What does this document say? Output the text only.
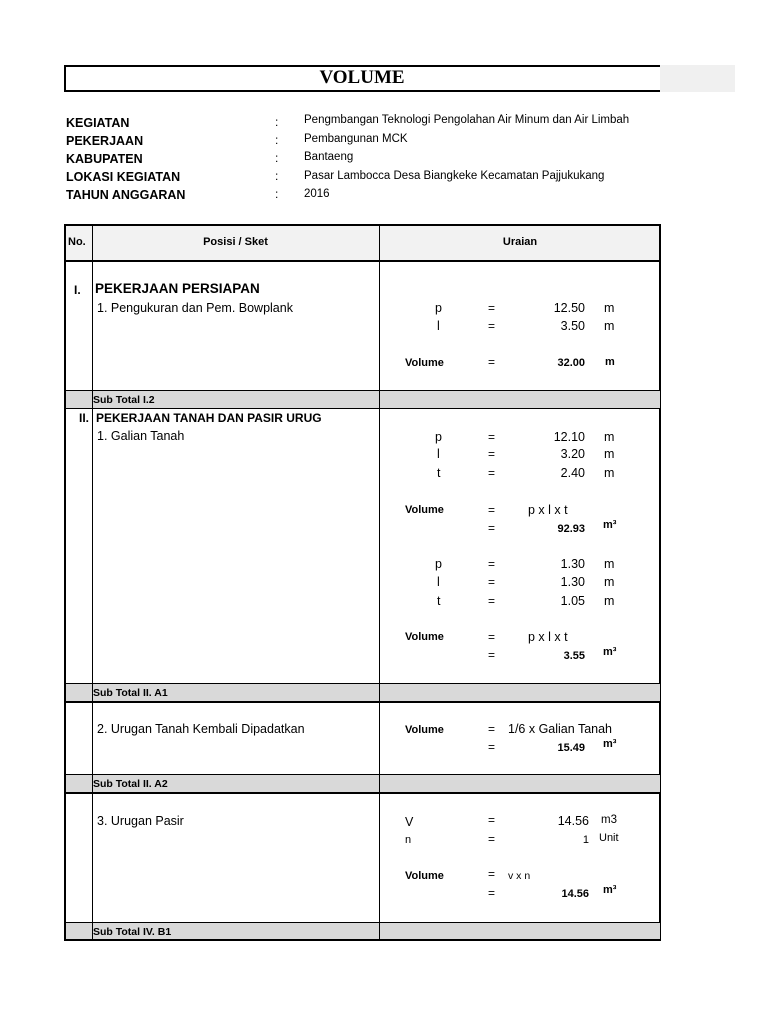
VOLUME
KEGIATAN	: Pengmbangan Teknologi Pengolahan Air Minum dan Air Limbah
PEKERJAAN	: Pembangunan MCK
KABUPATEN	: Bantaeng
LOKASI KEGIATAN	: Pasar Lambocca Desa Biangkeke Kecamatan Pajjukukang
TAHUN ANGGARAN	: 2016
No.	Posisi / Sket	Uraian
I. PEKERJAAN PERSIAPAN
1. Pengukuran dan Pem. Bowplank	p	=	12.50 m
l	=	3.50 m
Volume	=	32.00 m
Sub Total I.2
II. PEKERJAAN TANAH DAN PASIR URUG
1. Galian Tanah	p	=	12.10 m
l	=	3.20 m
t	=	2.40 m
Volume	=	p x l x t
=	92.93 m³
p	=	1.30 m
l	=	1.30 m
t	=	1.05 m
Volume	=	p x l x t
=	3.55 m³
Sub Total II. A1
2. Urugan Tanah Kembali Dipadatkan	Volume	= 1/6 x Galian Tanah
=	15.49 m³
Sub Total II. A2
3. Urugan Pasir	V	=	14.56 m3
n	=	1 Unit
Volume	= v x n
=	14.56 m³
Sub Total IV. B1
